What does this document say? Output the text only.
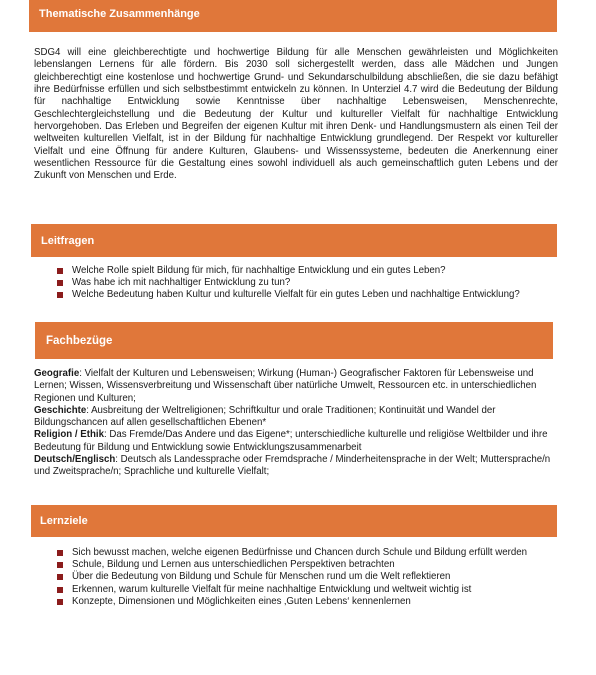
Thematische Zusammenhänge

SDG4 will eine gleichberechtigte und hochwertige Bildung für alle Menschen gewährleisten und Möglichkeiten lebenslangen Lernens für alle fördern. Bis 2030 soll sichergestellt werden, dass alle Mädchen und Jungen gleichberechtigt eine kostenlose und hochwertige Grund- und Sekundarschulbildung abschließen, die sie dazu befähigt ihre Bedürfnisse erfüllen und sich selbstbestimmt entwickeln zu können. In Unterziel 4.7 wird die Bedeutung der Bildung für nachhaltige Entwicklung sowie Kenntnisse über nachhaltige Lebensweisen, Menschenrechte, Geschlechtergleichstellung und die Bedeutung der Kultur und kultureller Vielfalt für nachhaltige Entwicklung hervorgehoben. Das Erleben und Begreifen der eigenen Kultur mit ihren Denk- und Handlungsmustern als einen Teil der weltweiten kulturellen Vielfalt, ist in der Bildung für nachhaltige Entwicklung grundlegend. Der Respekt vor kultureller Vielfalt und eine Öffnung für andere Kulturen, Glaubens- und Wissenssysteme, bedeuten die Anerkennung einer wesentlichen Ressource für die Gestaltung eines sowohl individuell als auch gemeinschaftlich guten Lebens und der Zukunft von Menschen und Erde.

Leitfragen
Welche Rolle spielt Bildung für mich, für nachhaltige Entwicklung und ein gutes Leben?
Was habe ich mit nachhaltiger Entwicklung zu tun?
Welche Bedeutung haben Kultur und kulturelle Vielfalt für ein gutes Leben und nachhaltige Entwicklung?
Fachbezüge

Geografie: Vielfalt der Kulturen und Lebensweisen; Wirkung (Human-) Geografischer Faktoren für Lebensweise und Lernen; Wissen, Wissensverbreitung und Wissenschaft über natürliche Umwelt, Ressourcen etc. in unterschiedlichen Regionen und Kulturen;

Geschichte: Ausbreitung der Weltreligionen; Schriftkultur und orale Traditionen; Kontinuität und Wandel der Bildungschancen auf allen gesellschaftlichen Ebenen*

Religion / Ethik: Das Fremde/Das Andere und das Eigene*; unterschiedliche kulturelle und religiöse Weltbilder und ihre Bedeutung für Bildung und Entwicklung sowie Entwicklungszusammenarbeit

Deutsch/Englisch: Deutsch als Landessprache oder Fremdsprache / Minderheitensprache in der Welt; Muttersprache/n und Zweitsprache/n; Sprachliche und kulturelle Vielfalt;

Lernziele
Sich bewusst machen, welche eigenen Bedürfnisse und Chancen durch Schule und Bildung erfüllt werden
Schule, Bildung und Lernen aus unterschiedlichen Perspektiven betrachten
Über die Bedeutung von Bildung und Schule für Menschen rund um die Welt reflektieren
Erkennen, warum kulturelle Vielfalt für meine nachhaltige Entwicklung und weltweit wichtig ist
Konzepte, Dimensionen und Möglichkeiten eines ‚Guten Lebens‘ kennenlernen
